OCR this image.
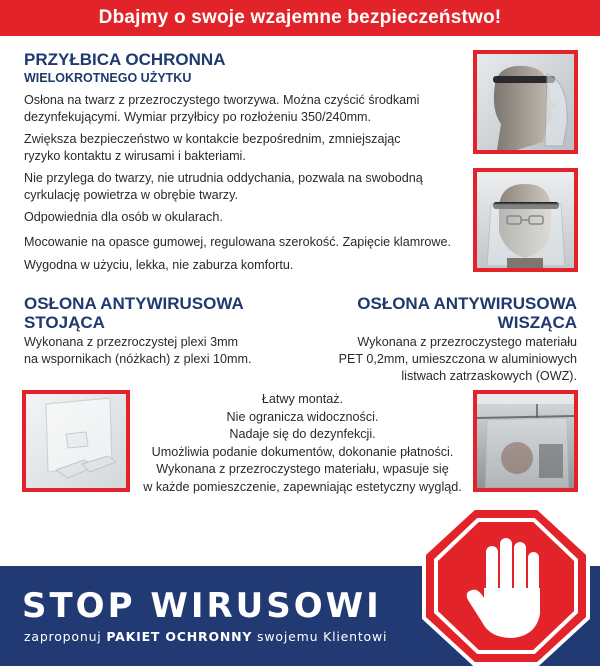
Dbajmy o swoje wzajemne bezpieczeństwo!
PRZYŁBICA OCHRONNA
WIELOKROTNEGO UŻYTKU
Osłona na twarz z przezroczystego tworzywa. Można czyścić środkami
dezynfekującymi. Wymiar przyłbicy po rozłożeniu 350/240mm.
Zwiększa bezpieczeństwo w kontakcie bezpośrednim, zmniejszając
ryzyko kontaktu z wirusami i bakteriami.
Nie przylega do twarzy, nie utrudnia oddychania, pozwala na swobodną
cyrkulację powietrza w obrębie twarzy.
Odpowiednia dla osób w okularach.
Mocowanie na opasce gumowej, regulowana szerokość. Zapięcie klamrowe.
Wygodna w użyciu, lekka, nie zaburza komfortu.
OSŁONA ANTYWIRUSOWA
STOJĄCA
Wykonana z przezroczystej plexi 3mm
na wspornikach (nóżkach) z plexi 10mm.
OSŁONA ANTYWIRUSOWA
WISZĄCA
Wykonana z przezroczystego materiału
PET 0,2mm, umieszczona w aluminiowych
listwach zatrzaskowych (OWZ).
Łatwy montaż.
Nie ogranicza widoczności.
Nadaje się do dezynfekcji.
Umożliwia podanie dokumentów, dokonanie płatności.
Wykonana z przezroczystego materiału, wpasuje się
w każde pomieszczenie, zapewniając estetyczny wygląd.
STOP WIRUSOWI
zaproponuj PAKIET OCHRONNY swojemu Klientowi
